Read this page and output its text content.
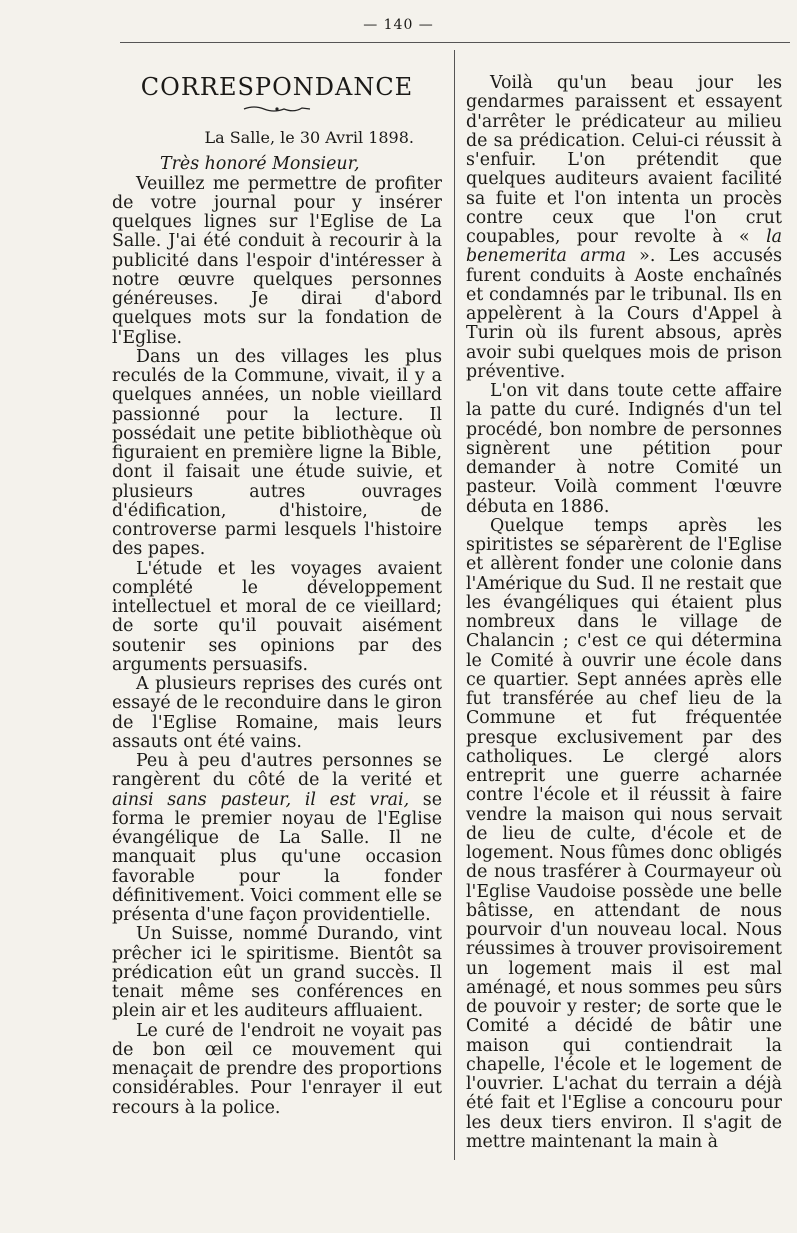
— 140 —
CORRESPONDANCE

La Salle, le 30 Avril 1898.

Très honoré Monsieur,

Veuillez me permettre de profiter de votre journal pour y insérer quelques lignes sur l'Eglise de La Salle. J'ai été conduit à recourir à la publicité dans l'espoir d'intéresser à notre œuvre quelques personnes généreuses. Je dirai d'abord quelques mots sur la fondation de l'Eglise.

Dans un des villages les plus reculés de la Commune, vivait, il y a quelques années, un noble vieillard passionné pour la lecture. Il possédait une petite bibliothèque où figuraient en première ligne la Bible, dont il faisait une étude suivie, et plusieurs autres ouvrages d'édification, d'histoire, de controverse parmi lesquels l'histoire des papes.

L'étude et les voyages avaient complété le développement intellectuel et moral de ce vieillard; de sorte qu'il pouvait aisément soutenir ses opinions par des arguments persuasifs.

A plusieurs reprises des curés ont essayé de le reconduire dans le giron de l'Eglise Romaine, mais leurs assauts ont été vains.

Peu à peu d'autres personnes se rangèrent du côté de la verité et ainsi sans pasteur, il est vrai, se forma le premier noyau de l'Eglise évangélique de La Salle. Il ne manquait plus qu'une occasion favorable pour la fonder définitivement. Voici comment elle se présenta d'une façon providentielle.

Un Suisse, nommé Durando, vint prêcher ici le spiritisme. Bientôt sa prédication eût un grand succès. Il tenait même ses conférences en plein air et les auditeurs affluaient.

Le curé de l'endroit ne voyait pas de bon œil ce mouvement qui menaçait de prendre des proportions considérables. Pour l'enrayer il eut recours à la police.

Voilà qu'un beau jour les gendarmes paraissent et essayent d'arrêter le prédicateur au milieu de sa prédication. Celui-ci réussit à s'enfuir. L'on prétendit que quelques auditeurs avaient facilité sa fuite et l'on intenta un procès contre ceux que l'on crut coupables, pour revolte à « la benemerita arma ». Les accusés furent conduits à Aoste enchaînés et condamnés par le tribunal. Ils en appelèrent à la Cours d'Appel à Turin où ils furent absous, après avoir subi quelques mois de prison préventive.

L'on vit dans toute cette affaire la patte du curé. Indignés d'un tel procédé, bon nombre de personnes signèrent une pétition pour demander à notre Comité un pasteur. Voilà comment l'œuvre débuta en 1886.

Quelque temps après les spiritistes se séparèrent de l'Eglise et allèrent fonder une colonie dans l'Amérique du Sud. Il ne restait que les évangéliques qui étaient plus nombreux dans le village de Chalancin ; c'est ce qui détermina le Comité à ouvrir une école dans ce quartier. Sept années après elle fut transférée au chef lieu de la Commune et fut fréquentée presque exclusivement par des catholiques. Le clergé alors entreprit une guerre acharnée contre l'école et il réussit à faire vendre la maison qui nous servait de lieu de culte, d'école et de logement. Nous fûmes donc obligés de nous trasférer à Courmayeur où l'Eglise Vaudoise possède une belle bâtisse, en attendant de nous pourvoir d'un nouveau local. Nous réussimes à trouver provisoirement un logement mais il est mal aménagé, et nous sommes peu sûrs de pouvoir y rester; de sorte que le Comité a décidé de bâtir une maison qui contiendrait la chapelle, l'école et le logement de l'ouvrier. L'achat du terrain a déjà été fait et l'Eglise a concouru pour les deux tiers environ. Il s'agit de mettre maintenant la main à
